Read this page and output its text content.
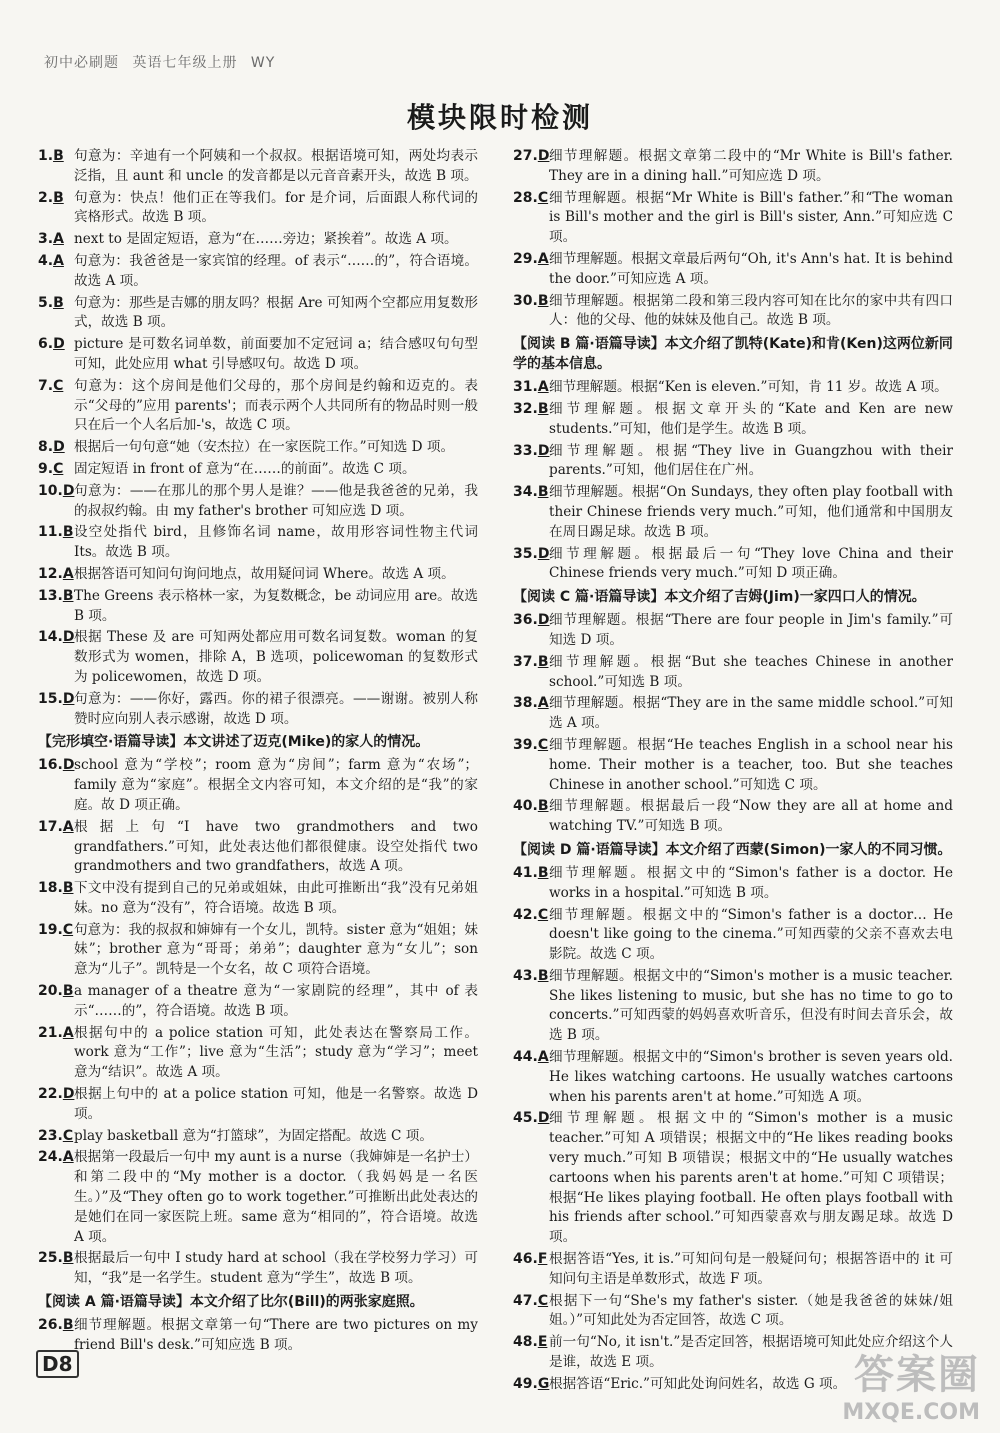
初中必刷题 英语七年级上册 WY
模块限时检测
1.B 句意为：辛迪有一个阿姨和一个叔叔。根据语境可知，两处均表示泛指，且 aunt 和 uncle 的发音都是以元音音素开头，故选 B 项。
2.B 句意为：快点！他们正在等我们。for 是介词，后面跟人称代词的宾格形式。故选 B 项。
3.A next to 是固定短语，意为“在……旁边；紧挨着”。故选 A 项。
4.A 句意为：我爸爸是一家宾馆的经理。of 表示“……的”，符合语境。故选 A 项。
5.B 句意为：那些是吉娜的朋友吗？根据 Are 可知两个空都应用复数形式，故选 B 项。
6.D picture 是可数名词单数，前面要加不定冠词 a；结合感叹句句型可知，此处应用 what 引导感叹句。故选 D 项。
7.C 句意为：这个房间是他们父母的，那个房间是约翰和迈克的。表示“父母的”应用 parents'；而表示两个人共同所有的物品时则一般只在后一个人名后加-'s，故选 C 项。
8.D 根据后一句句意“她（安杰拉）在一家医院工作。”可知选 D 项。
9.C 固定短语 in front of 意为“在……的前面”。故选 C 项。
10.D 句意为：——在那儿的那个男人是谁？——他是我爸爸的兄弟，我的叔叔约翰。由 my father's brother 可知应选 D 项。
11.B 设空处指代 bird，且修饰名词 name，故用形容词性物主代词 Its。故选 B 项。
12.A 根据答语可知问句询问地点，故用疑问词 Where。故选 A 项。
13.B The Greens 表示格林一家，为复数概念，be 动词应用 are。故选 B 项。
14.D 根据 These 及 are 可知两处都应用可数名词复数。woman 的复数形式为 women，排除 A，B 选项，policewoman 的复数形式为 policewomen，故选 D 项。
15.D 句意为：——你好，露西。你的裙子很漂亮。——谢谢。被别人称赞时应向别人表示感谢，故选 D 项。
【完形填空·语篇导读】本文讲述了迈克(Mike)的家人的情况。
16.D school 意为“学校”；room 意为“房间”；farm 意为“农场”；family 意为“家庭”。根据全文内容可知，本文介绍的是“我”的家庭。故 D 项正确。
17.A 根据上句“I have two grandmothers and two grandfathers.”可知，此处表达他们都很健康。设空处指代 two grandmothers and two grandfathers，故选 A 项。
18.B 下文中没有提到自己的兄弟或姐妹，由此可推断出“我”没有兄弟姐妹。no 意为“没有”，符合语境。故选 B 项。
19.C 句意为：我的叔叔和婶婶有一个女儿，凯特。sister 意为“姐姐；妹妹”；brother 意为“哥哥；弟弟”；daughter 意为“女儿”；son 意为“儿子”。凯特是一个女名，故 C 项符合语境。
20.B a manager of a theatre 意为“一家剧院的经理”，其中 of 表示“……的”，符合语境。故选 B 项。
21.A 根据句中的 a police station 可知，此处表达在警察局工作。work 意为“工作”；live 意为“生活”；study 意为“学习”；meet 意为“结识”。故选 A 项。
22.D 根据上句中的 at a police station 可知，他是一名警察。故选 D 项。
23.C play basketball 意为“打篮球”，为固定搭配。故选 C 项。
24.A 根据第一段最后一句中 my aunt is a nurse（我婶婶是一名护士）和第二段中的“My mother is a doctor.（我妈妈是一名医生。）”及“They often go to work together.”可推断出此处表达的是她们在同一家医院上班。same 意为“相同的”，符合语境。故选 A 项。
25.B 根据最后一句中 I study hard at school（我在学校努力学习）可知，“我”是一名学生。student 意为“学生”，故选 B 项。
【阅读 A 篇·语篇导读】本文介绍了比尔(Bill)的两张家庭照。
26.B 细节理解题。根据文章第一句“There are two pictures on my friend Bill's desk.”可知应选 B 项。
27.D 细节理解题。根据文章第二段中的“Mr White is Bill's father. They are in a dining hall.”可知应选 D 项。
28.C 细节理解题。根据“Mr White is Bill's father.”和“The woman is Bill's mother and the girl is Bill's sister, Ann.”可知应选 C 项。
29.A 细节理解题。根据文章最后两句“Oh, it's Ann's hat. It is behind the door.”可知应选 A 项。
30.B 细节理解题。根据第二段和第三段内容可知在比尔的家中共有四口人：他的父母、他的妹妹及他自己。故选 B 项。
【阅读 B 篇·语篇导读】本文介绍了凯特(Kate)和肯(Ken)这两位新同学的基本信息。
31.A 细节理解题。根据“Ken is eleven.”可知，肯 11 岁。故选 A 项。
32.B 细节理解题。根据文章开头的“Kate and Ken are new students.”可知，他们是学生。故选 B 项。
33.D 细节理解题。根据“They live in Guangzhou with their parents.”可知，他们居住在广州。
34.B 细节理解题。根据“On Sundays, they often play football with their Chinese friends very much.”可知，他们通常和中国朋友在周日踢足球。故选 B 项。
35.D 细节理解题。根据最后一句“They love China and their Chinese friends very much.”可知 D 项正确。
【阅读 C 篇·语篇导读】本文介绍了吉姆(Jim)一家四口人的情况。
36.D 细节理解题。根据“There are four people in Jim's family.”可知选 D 项。
37.B 细节理解题。根据“But she teaches Chinese in another school.”可知选 B 项。
38.A 细节理解题。根据“They are in the same middle school.”可知选 A 项。
39.C 细节理解题。根据“He teaches English in a school near his home. Their mother is a teacher, too. But she teaches Chinese in another school.”可知选 C 项。
40.B 细节理解题。根据最后一段“Now they are all at home and watching TV.”可知选 B 项。
【阅读 D 篇·语篇导读】本文介绍了西蒙(Simon)一家人的不同习惯。
41.B 细节理解题。根据文中的“Simon's father is a doctor. He works in a hospital.”可知选 B 项。
42.C 细节理解题。根据文中的“Simon's father is a doctor… He doesn't like going to the cinema.”可知西蒙的父亲不喜欢去电影院。故选 C 项。
43.B 细节理解题。根据文中的“Simon's mother is a music teacher. She likes listening to music, but she has no time to go to concerts.”可知西蒙的妈妈喜欢听音乐，但没有时间去音乐会，故选 B 项。
44.A 细节理解题。根据文中的“Simon's brother is seven years old. He likes watching cartoons. He usually watches cartoons when his parents aren't at home.”可知选 A 项。
45.D 细节理解题。根据文中的“Simon's mother is a music teacher.”可知 A 项错误；根据文中的“He likes reading books very much.”可知 B 项错误；根据文中的“He usually watches cartoons when his parents aren't at home.”可知 C 项错误；根据“He likes playing football. He often plays football with his friends after school.”可知西蒙喜欢与朋友踢足球。故选 D 项。
46.F 根据答语“Yes, it is.”可知问句是一般疑问句；根据答语中的 it 可知问句主语是单数形式，故选 F 项。
47.C 根据下一句“She's my father's sister.（她是我爸爸的妹妹/姐姐。）”可知此处为否定回答，故选 C 项。
48.E 前一句“No, it isn't.”是否定回答，根据语境可知此处应介绍这个人是谁，故选 E 项。
49.G 根据答语“Eric.”可知此处询问姓名，故选 G 项。
D8	答案圈
MXQE.COM
